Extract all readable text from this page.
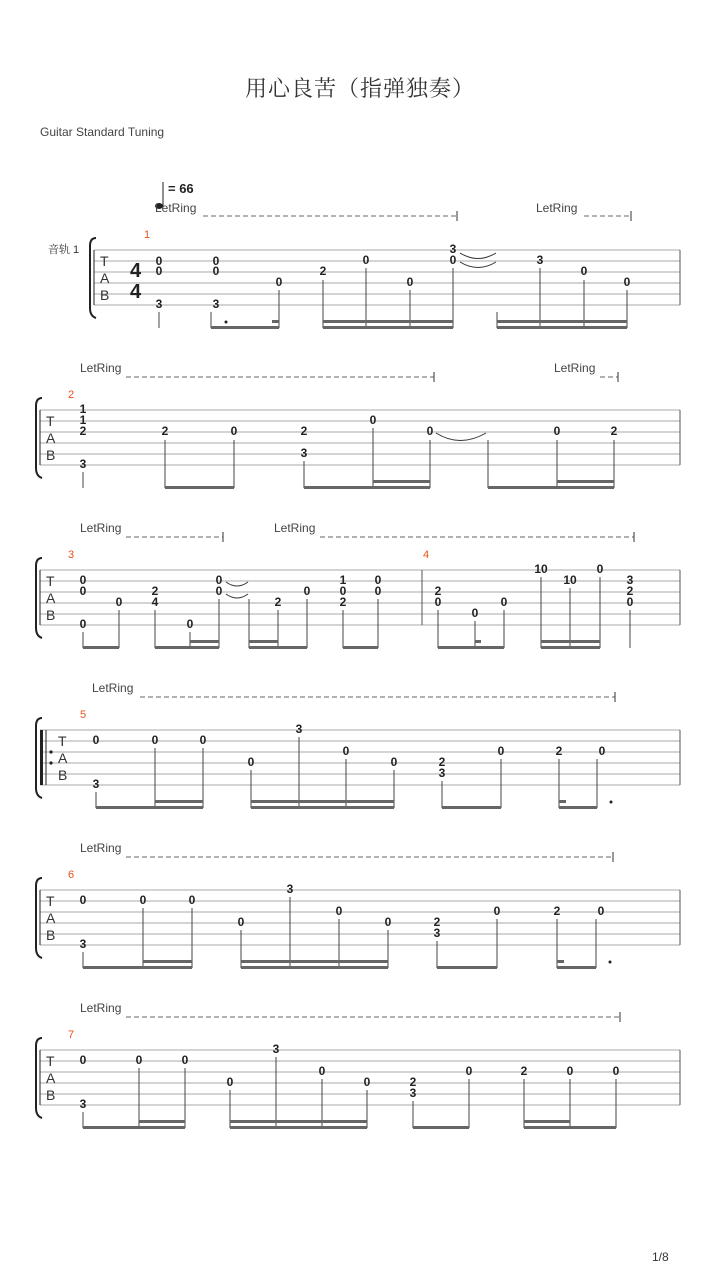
用心良苦（指弹独奏）
Guitar Standard Tuning
= 66
音轨 1
LetRing	LetRing
1
T
A
B
4
4
0
0
3
0
0
3
0
2
0
0
3
0	3
0
0
LetRing	LetRing
2
T
A
B
1
1
2
3
2	0	2
3
0
0	0	2
LetRing	LetRing
3	4
T
A
B
0
0
0
0
2
4
0
0
0
2
0
1
0
2
0
0	2
0
0
0
10
10
0
3
2
0
LetRing
5
T
A
B
0
3
0	0
0
3
0
0	2
3
0	2	0
LetRing
6
T
A
B
0
3
0	0
0
3
0
0	2
3
0	2	0
LetRing
7
T
A
B
0
3
0	0
0
3
0
0	2
3
0	2	0	0
1/8
